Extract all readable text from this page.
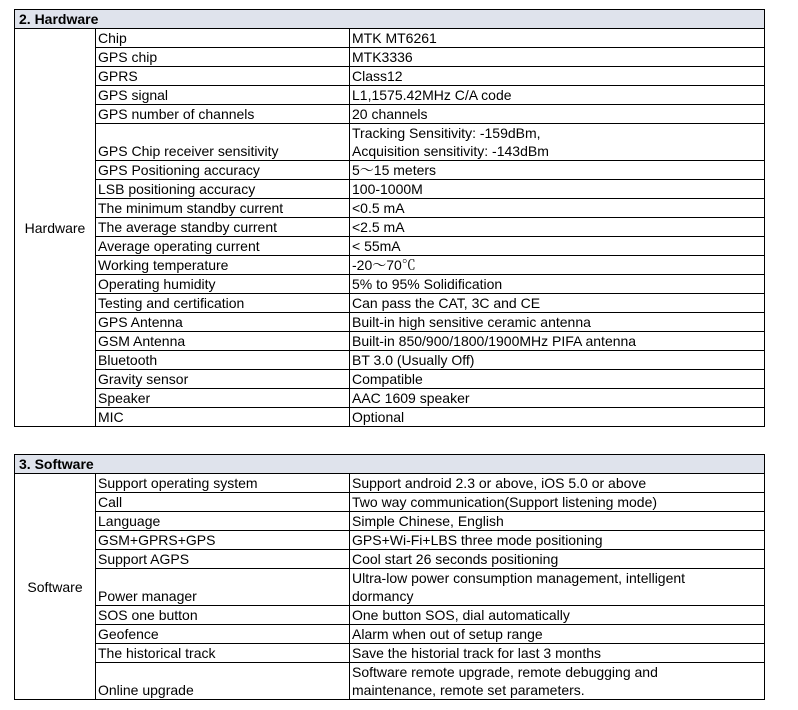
2. Hardware		
Hardware	Chip	MTK MT6261
	GPS chip	MTK3336
	GPRS	Class12
	GPS signal	L1,1575.42MHz C/A code
	GPS number of channels	20 channels
	GPS Chip receiver sensitivity	Tracking Sensitivity: -159dBm,
Acquisition sensitivity: -143dBm
	GPS Positioning accuracy	5～15 meters
	LSB positioning accuracy	100-1000M
	The minimum standby current	<0.5 mA
	The average standby current	<2.5 mA
	Average operating current	< 55mA
	Working temperature	-20～70℃
	Operating humidity	5% to 95% Solidification
	Testing and certification	Can pass the CAT, 3C and CE
	GPS Antenna	Built-in high sensitive ceramic antenna
	GSM Antenna	Built-in 850/900/1800/1900MHz PIFA antenna
	Bluetooth	BT 3.0 (Usually Off)
	Gravity sensor	Compatible
	Speaker	AAC 1609 speaker
	MIC	Optional
3. Software		
Software	Support operating system	Support android 2.3 or above, iOS 5.0 or above
	Call	Two way communication(Support listening mode)
	Language	Simple Chinese, English
	GSM+GPRS+GPS	GPS+Wi-Fi+LBS three mode positioning
	Support AGPS	Cool start 26 seconds positioning
	Power manager	Ultra-low power consumption management, intelligent
dormancy
	SOS one button	One button SOS, dial automatically
	Geofence	Alarm when out of setup range
	The historical track	Save the historial track for last 3 months
	Online upgrade	Software remote upgrade, remote debugging and
maintenance, remote set parameters.
